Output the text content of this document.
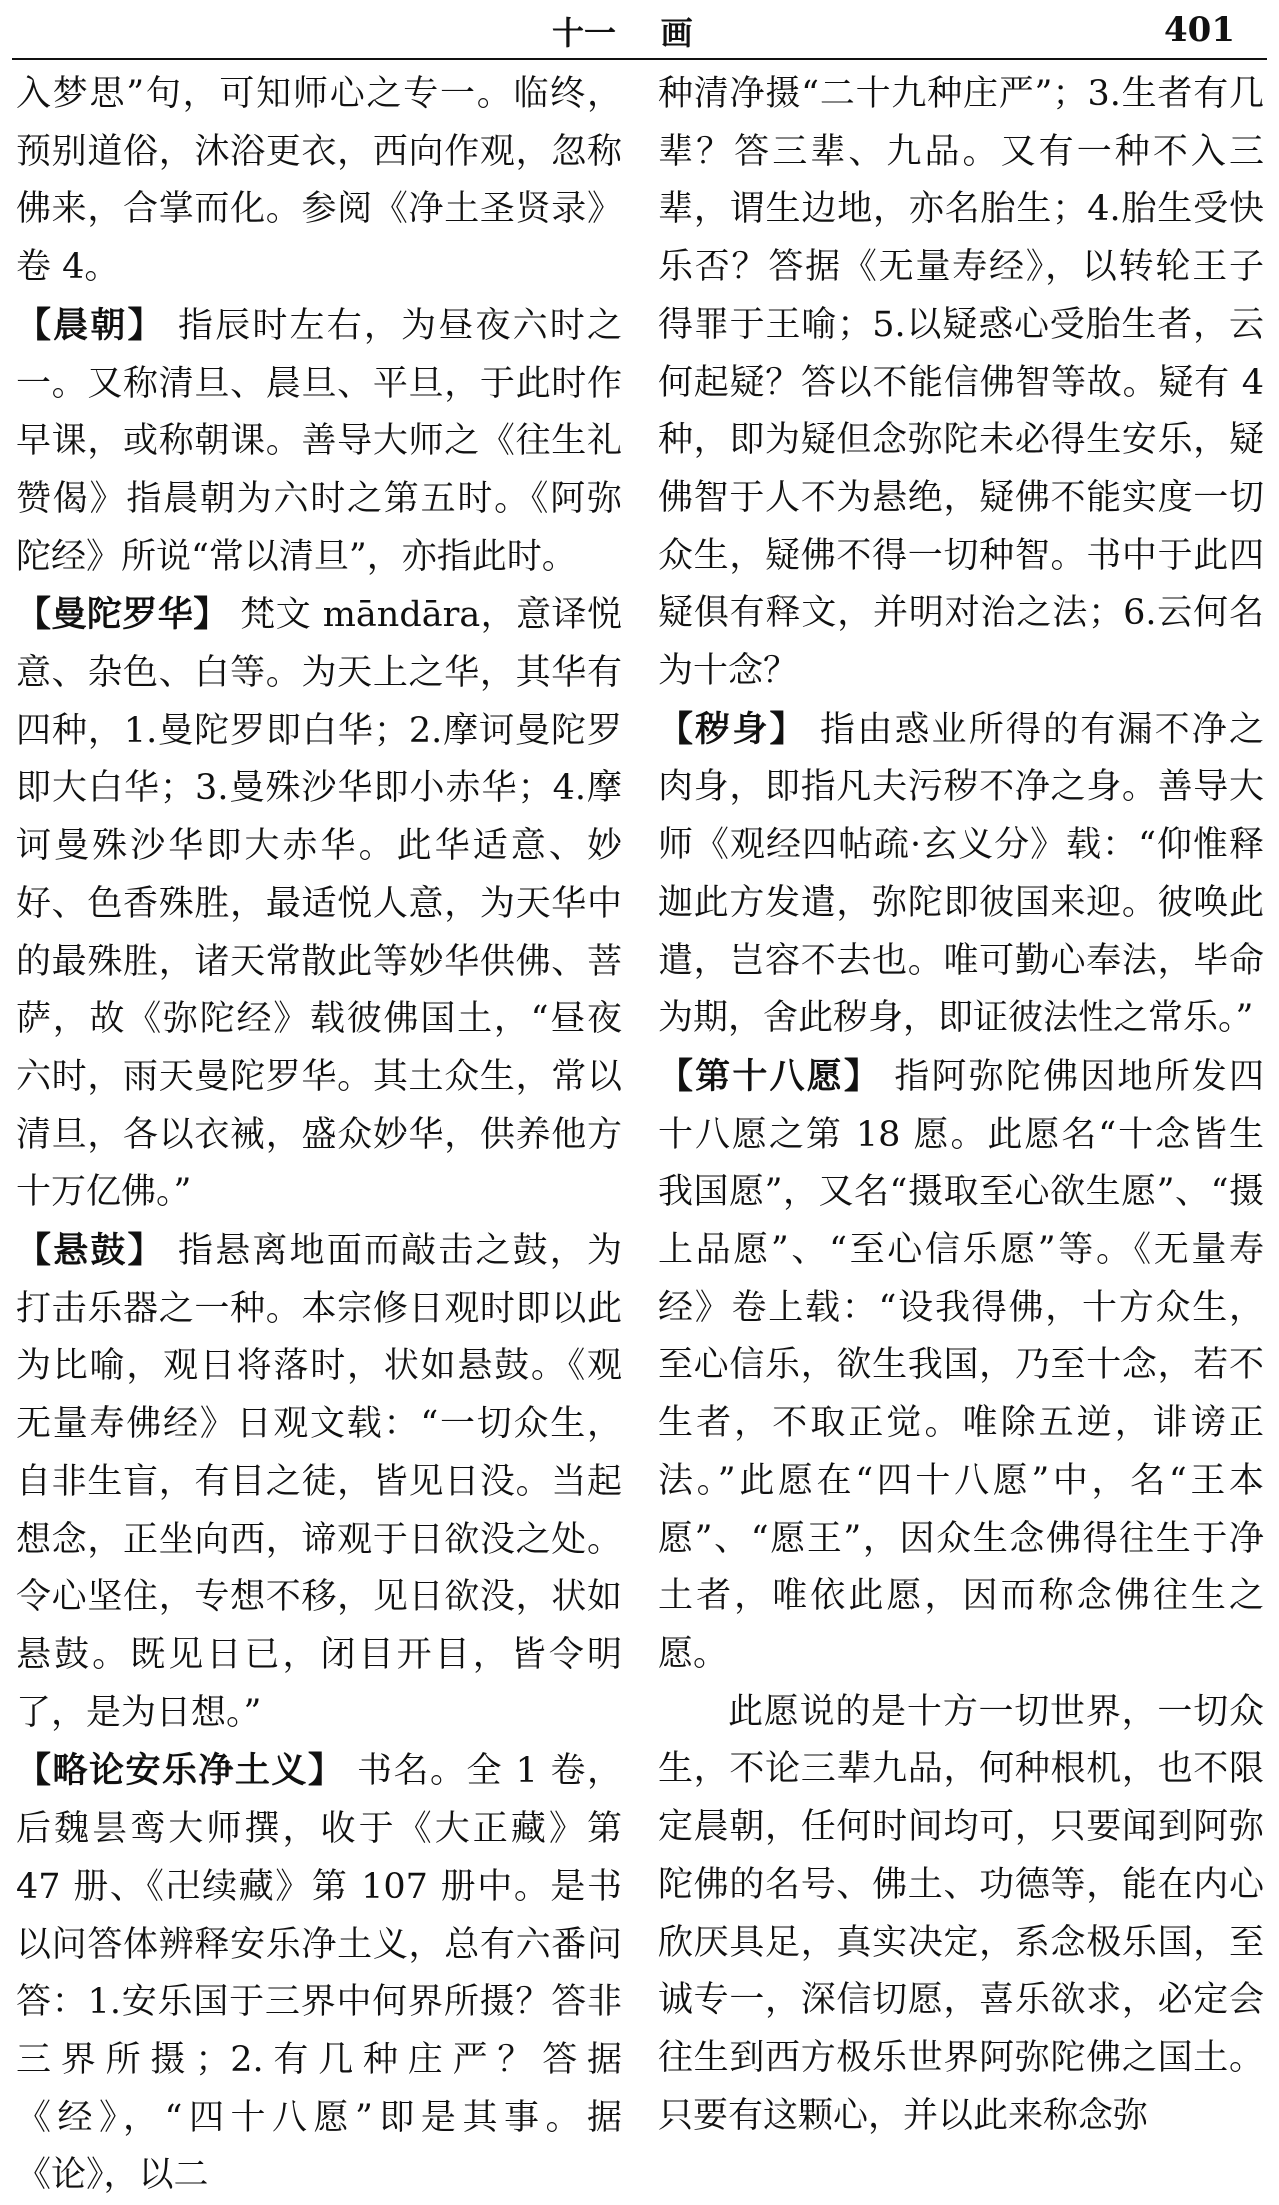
十一    画	401

入梦思”句，可知师心之专一。临终，预别道俗，沐浴更衣，西向作观，忽称佛来，合掌而化。参阅《净土圣贤录》卷 4。

【晨朝】 指辰时左右，为昼夜六时之一。又称清旦、晨旦、平旦，于此时作早课，或称朝课。善导大师之《往生礼赞偈》指晨朝为六时之第五时。《阿弥陀经》所说“常以清旦”，亦指此时。

【曼陀罗华】 梵文 māndāra，意译悦意、杂色、白等。为天上之华，其华有四种，1.曼陀罗即白华；2.摩诃曼陀罗即大白华；3.曼殊沙华即小赤华；4.摩诃曼殊沙华即大赤华。此华适意、妙好、色香殊胜，最适悦人意，为天华中的最殊胜，诸天常散此等妙华供佛、菩萨，故《弥陀经》载彼佛国土，“昼夜六时，雨天曼陀罗华。其土众生，常以清旦，各以衣裓，盛众妙华，供养他方十万亿佛。”

【悬鼓】 指悬离地面而敲击之鼓，为打击乐器之一种。本宗修日观时即以此为比喻，观日将落时，状如悬鼓。《观无量寿佛经》日观文载：“一切众生，自非生盲，有目之徒，皆见日没。当起想念，正坐向西，谛观于日欲没之处。令心坚住，专想不移，见日欲没，状如悬鼓。既见日已，闭目开目，皆令明了，是为日想。”

【略论安乐净土义】 书名。全 1 卷，后魏昙鸾大师撰，收于《大正藏》第 47 册、《卍续藏》第 107 册中。是书以问答体辨释安乐净土义，总有六番问答：1.安乐国于三界中何界所摄？答非三界所摄；2.有几种庄严？答据《经》，“四十八愿”即是其事。据《论》，以二

种清净摄“二十九种庄严”；3.生者有几辈？答三辈、九品。又有一种不入三辈，谓生边地，亦名胎生；4.胎生受快乐否？答据《无量寿经》，以转轮王子得罪于王喻；5.以疑惑心受胎生者，云何起疑？答以不能信佛智等故。疑有 4 种，即为疑但念弥陀未必得生安乐，疑佛智于人不为悬绝，疑佛不能实度一切众生，疑佛不得一切种智。书中于此四疑俱有释文，并明对治之法；6.云何名为十念？

【秽身】 指由惑业所得的有漏不净之肉身，即指凡夫污秽不净之身。善导大师《观经四帖疏·玄义分》载：“仰惟释迦此方发遣，弥陀即彼国来迎。彼唤此遣，岂容不去也。唯可勤心奉法，毕命为期，舍此秽身，即证彼法性之常乐。”

【第十八愿】 指阿弥陀佛因地所发四十八愿之第 18 愿。此愿名“十念皆生我国愿”，又名“摄取至心欲生愿”、“摄上品愿”、“至心信乐愿”等。《无量寿经》卷上载：“设我得佛，十方众生，至心信乐，欲生我国，乃至十念，若不生者，不取正觉。唯除五逆，诽谤正法。”此愿在“四十八愿”中，名“王本愿”、“愿王”，因众生念佛得往生于净土者，唯依此愿，因而称念佛往生之愿。

此愿说的是十方一切世界，一切众生，不论三辈九品，何种根机，也不限定晨朝，任何时间均可，只要闻到阿弥陀佛的名号、佛土、功德等，能在内心欣厌具足，真实决定，系念极乐国，至诚专一，深信切愿，喜乐欲求，必定会往生到西方极乐世界阿弥陀佛之国土。只要有这颗心，并以此来称念弥
